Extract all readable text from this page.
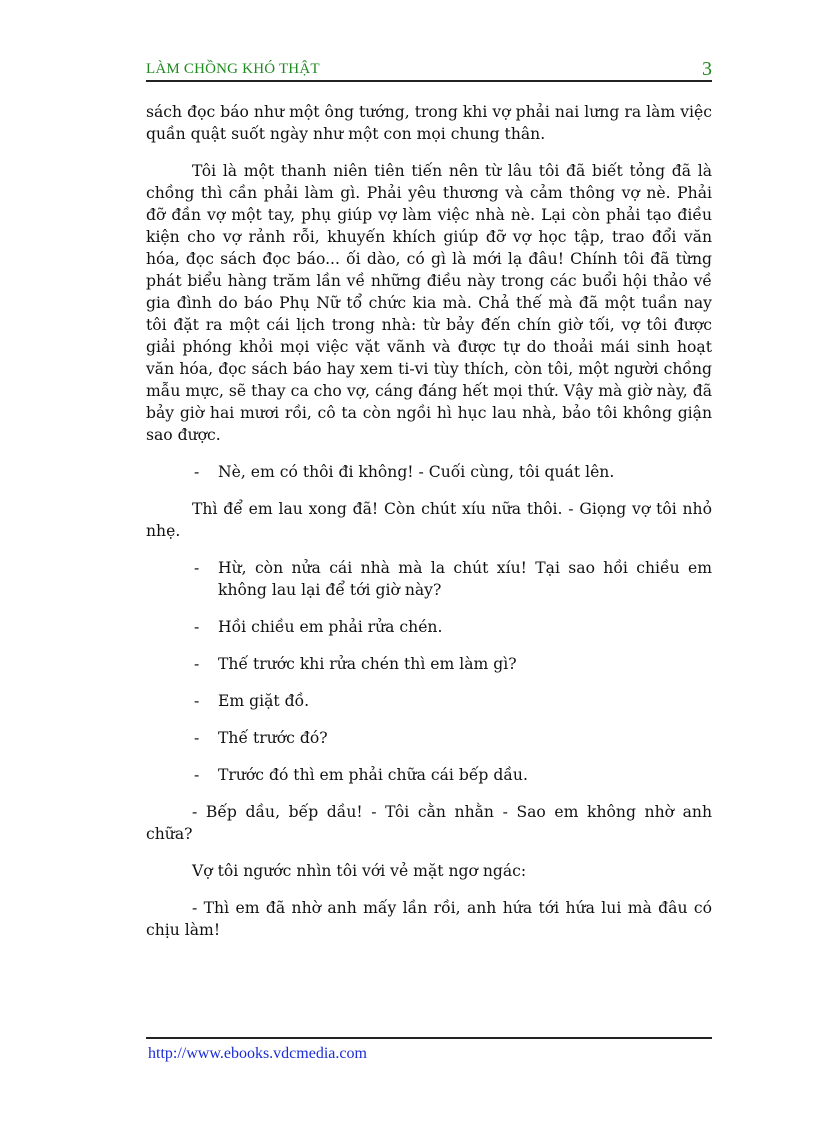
LÀM CHỒNG KHÓ THẬT	3

sách đọc báo như một ông tướng, trong khi vợ phải nai lưng ra làm việc quần quật suốt ngày như một con mọi chung thân.

Tôi là một thanh niên tiên tiến nên từ lâu tôi đã biết tỏng đã là chồng thì cần phải làm gì. Phải yêu thương và cảm thông vợ nè. Phải đỡ đần vợ một tay, phụ giúp vợ làm việc nhà nè. Lại còn phải tạo điều kiện cho vợ rảnh rỗi, khuyến khích giúp đỡ vợ học tập, trao đổi văn hóa, đọc sách đọc báo... ối dào, có gì là mới lạ đâu! Chính tôi đã từng phát biểu hàng trăm lần về những điều này trong các buổi hội thảo về gia đình do báo Phụ Nữ tổ chức kia mà. Chả thế mà đã một tuần nay tôi đặt ra một cái lịch trong nhà: từ bảy đến chín giờ tối, vợ tôi được giải phóng khỏi mọi việc vặt vãnh và được tự do thoải mái sinh hoạt văn hóa, đọc sách báo hay xem ti-vi tùy thích, còn tôi, một người chồng mẫu mực, sẽ thay ca cho vợ, cáng đáng hết mọi thứ. Vậy mà giờ này, đã bảy giờ hai mươi rồi, cô ta còn ngồi hì hục lau nhà, bảo tôi không giận sao được.

- Nè, em có thôi đi không! - Cuối cùng, tôi quát lên.

Thì để em lau xong đã! Còn chút xíu nữa thôi. - Giọng vợ tôi nhỏ nhẹ.

- Hừ, còn nửa cái nhà mà la chút xíu! Tại sao hồi chiều em không lau lại để tới giờ này?

- Hồi chiều em phải rửa chén.

- Thế trước khi rửa chén thì em làm gì?

- Em giặt đồ.

- Thế trước đó?

- Trước đó thì em phải chữa cái bếp dầu.

- Bếp dầu, bếp dầu! - Tôi cằn nhằn - Sao em không nhờ anh chữa?

Vợ tôi ngước nhìn tôi với vẻ mặt ngơ ngác:

- Thì em đã nhờ anh mấy lần rồi, anh hứa tới hứa lui mà đâu có chịu làm!

http://www.ebooks.vdcmedia.com
